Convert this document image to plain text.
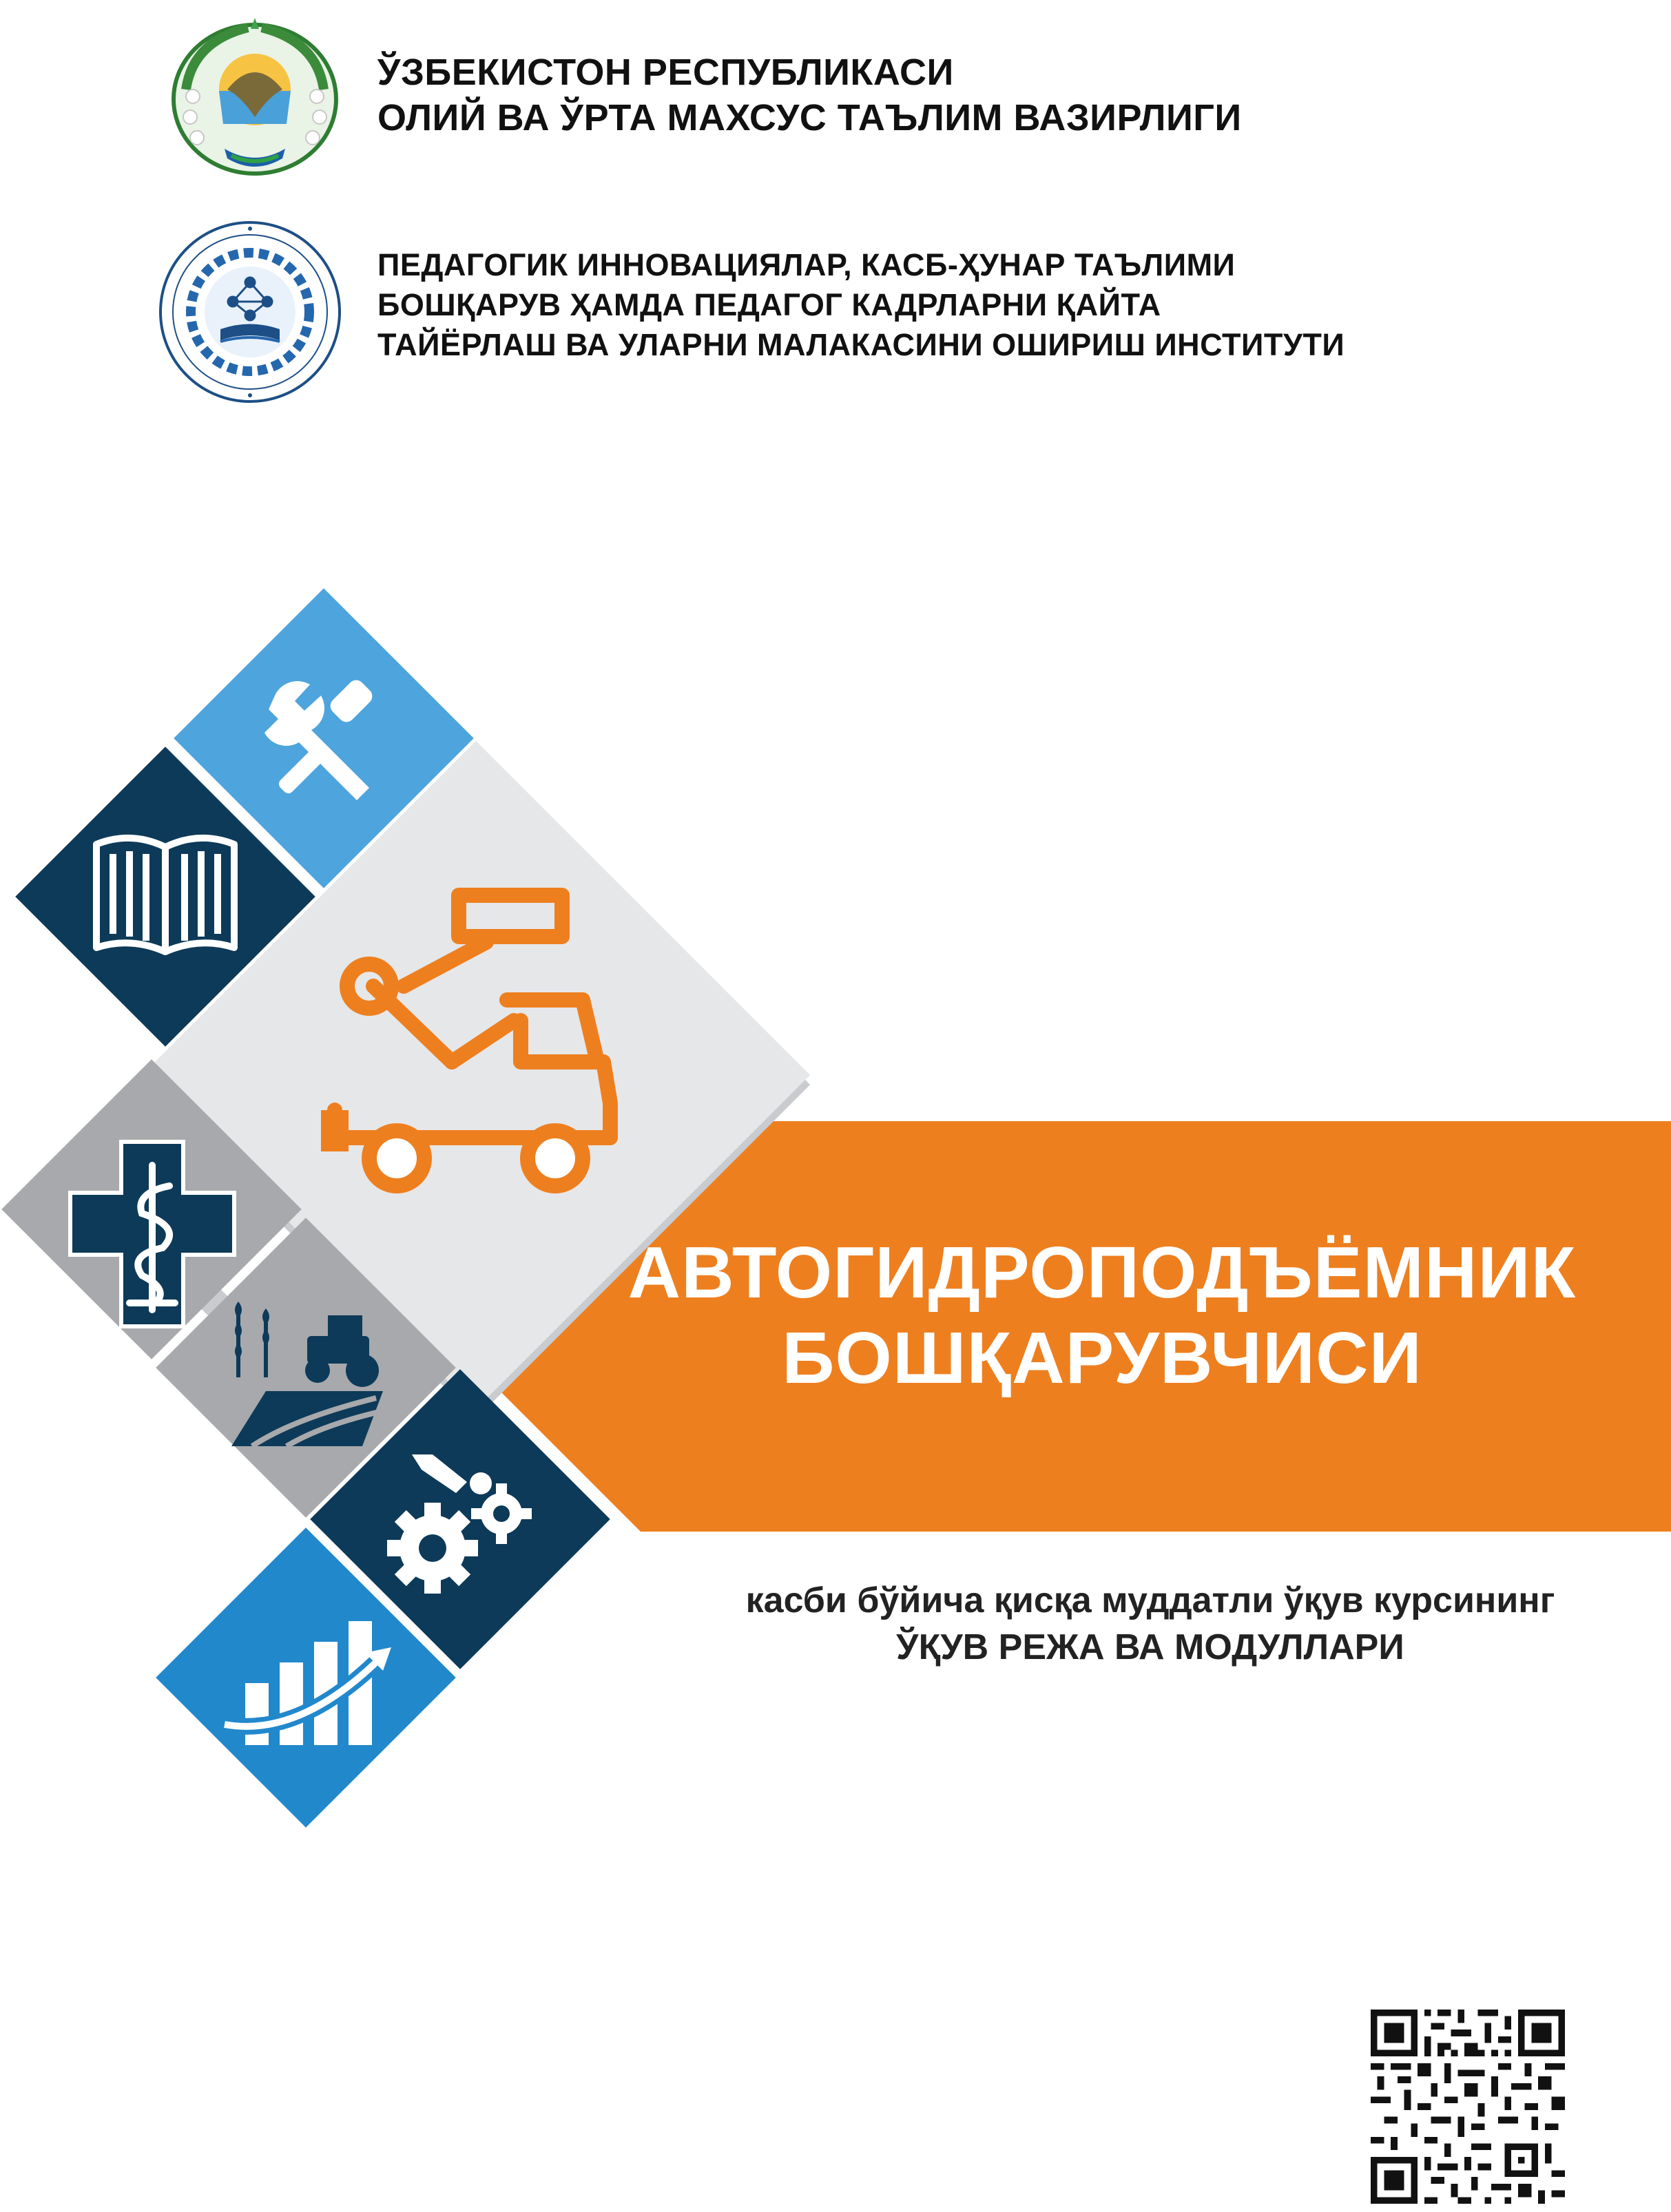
ЎЗБЕКИСТОН РЕСПУБЛИКАСИ
ОЛИЙ ВА ЎРТА МАХСУС ТАЪЛИМ ВАЗИРЛИГИ
ПЕДАГОГИК ИННОВАЦИЯЛАР, КАСБ-ҲУНАР ТАЪЛИМИ
БОШҚАРУВ ҲАМДА ПЕДАГОГ КАДРЛАРНИ ҚАЙТА
ТАЙЁРЛАШ ВА УЛАРНИ МАЛАКАСИНИ ОШИРИШ ИНСТИТУТИ
АВТОГИДРОПОДЪЁМНИК
БОШҚАРУВЧИСИ
касби бўйича қисқа муддатли ўқув курсининг
ЎҚУВ РЕЖА ВА МОДУЛЛАРИ
